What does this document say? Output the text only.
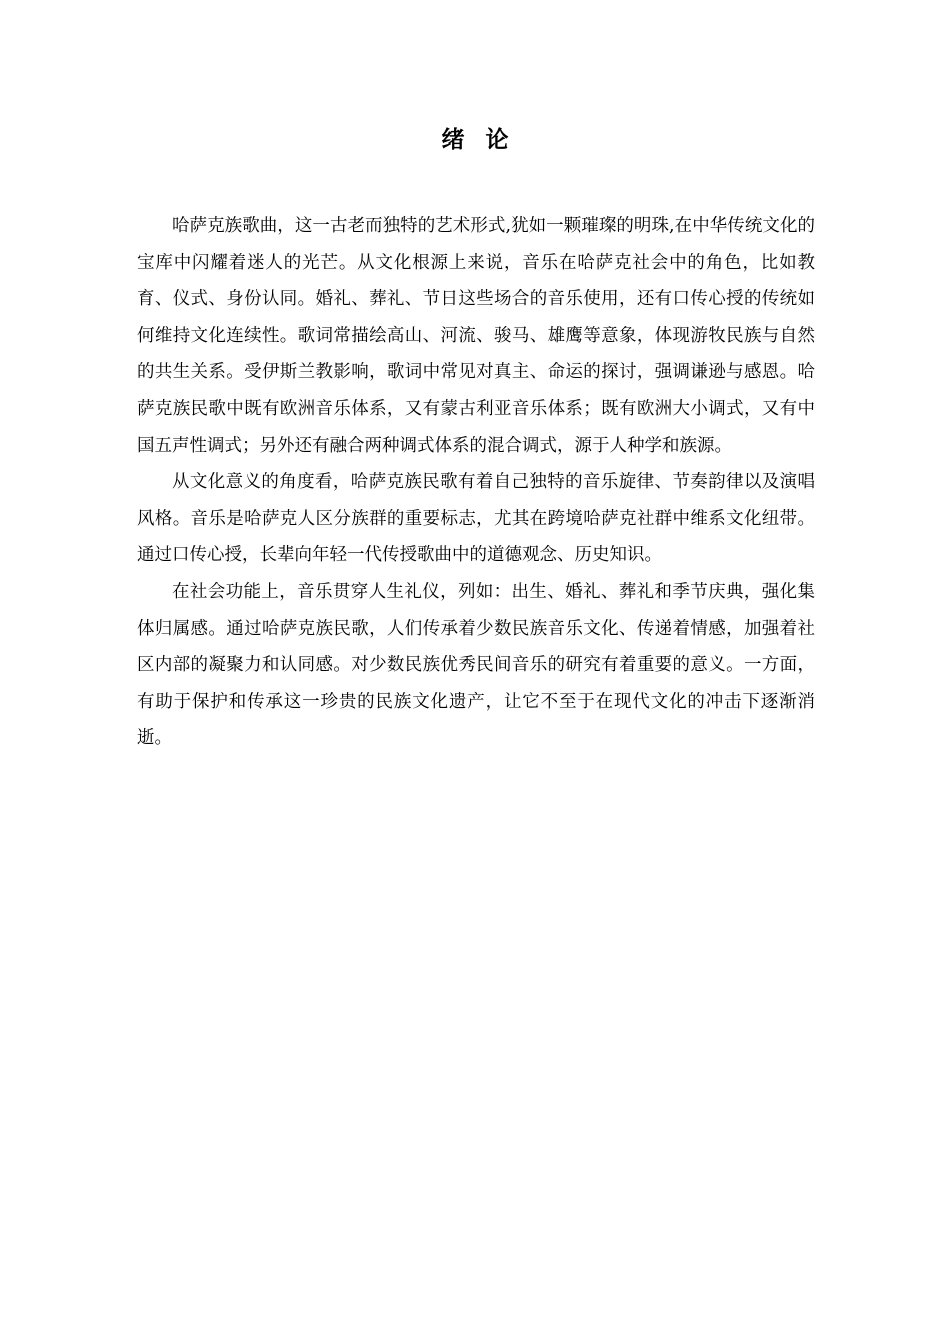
绪论

哈萨克族歌曲，这一古老而独特的艺术形式,犹如一颗璀璨的明珠,在中华传统文化的宝库中闪耀着迷人的光芒。从文化根源上来说，音乐在哈萨克社会中的角色，比如教育、仪式、身份认同。婚礼、葬礼、节日这些场合的音乐使用，还有口传心授的传统如何维持文化连续性。歌词常描绘高山、河流、骏马、雄鹰等意象，体现游牧民族与自然的共生关系。受伊斯兰教影响，歌词中常见对真主、命运的探讨，强调谦逊与感恩。哈萨克族民歌中既有欧洲音乐体系，又有蒙古利亚音乐体系；既有欧洲大小调式，又有中国五声性调式；另外还有融合两种调式体系的混合调式，源于人种学和族源。

从文化意义的角度看，哈萨克族民歌有着自己独特的音乐旋律、节奏韵律以及演唱风格。音乐是哈萨克人区分族群的重要标志，尤其在跨境哈萨克社群中维系文化纽带。通过口传心授，长辈向年轻一代传授歌曲中的道德观念、历史知识。

在社会功能上，音乐贯穿人生礼仪，列如：出生、婚礼、葬礼和季节庆典，强化集体归属感。通过哈萨克族民歌，人们传承着少数民族音乐文化、传递着情感，加强着社区内部的凝聚力和认同感。对少数民族优秀民间音乐的研究有着重要的意义。一方面，有助于保护和传承这一珍贵的民族文化遗产，让它不至于在现代文化的冲击下逐渐消逝。
